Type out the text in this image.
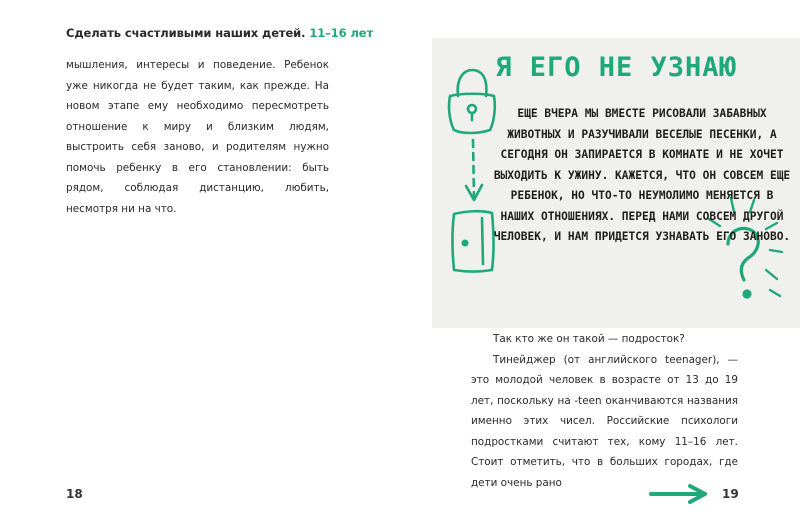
Сделать счастливыми наших детей. 11–16 лет
мышления, интересы и поведение. Ребенок уже никогда не будет таким, как прежде. На новом этапе ему необходимо пересмотреть отношение к миру и близким людям, выстроить себя заново, и родителям нужно помочь ребенку в его становлении: быть рядом, соблюдая дистанцию, любить, несмотря ни на что.
18
Я ЕГО НЕ УЗНАЮ
ЕЩЕ ВЧЕРА МЫ ВМЕСТЕ РИСОВАЛИ ЗАБАВНЫХ ЖИВОТНЫХ И РАЗУЧИВАЛИ ВЕСЕЛЫЕ ПЕСЕНКИ, А СЕГОДНЯ ОН ЗАПИРАЕТСЯ В КОМНАТЕ И НЕ ХОЧЕТ ВЫХОДИТЬ К УЖИНУ. КАЖЕТСЯ, ЧТО ОН СОВСЕМ ЕЩЕ РЕБЕНОК, НО ЧТО-ТО НЕУМОЛИМО МЕНЯЕТСЯ В НАШИХ ОТНОШЕНИЯХ. ПЕРЕД НАМИ СОВСЕМ ДРУГОЙ ЧЕЛОВЕК, И НАМ ПРИДЕТСЯ УЗНАВАТЬ ЕГО ЗАНОВО.

Так кто же он такой — подросток?

Тинейджер (от английского teenager), — это молодой человек в возрасте от 13 до 19 лет, поскольку на -teen оканчиваются названия именно этих чисел. Российские психологи подростками считают тех, кому 11–16 лет. Стоит отметить, что в больших городах, где дети очень рано

19
